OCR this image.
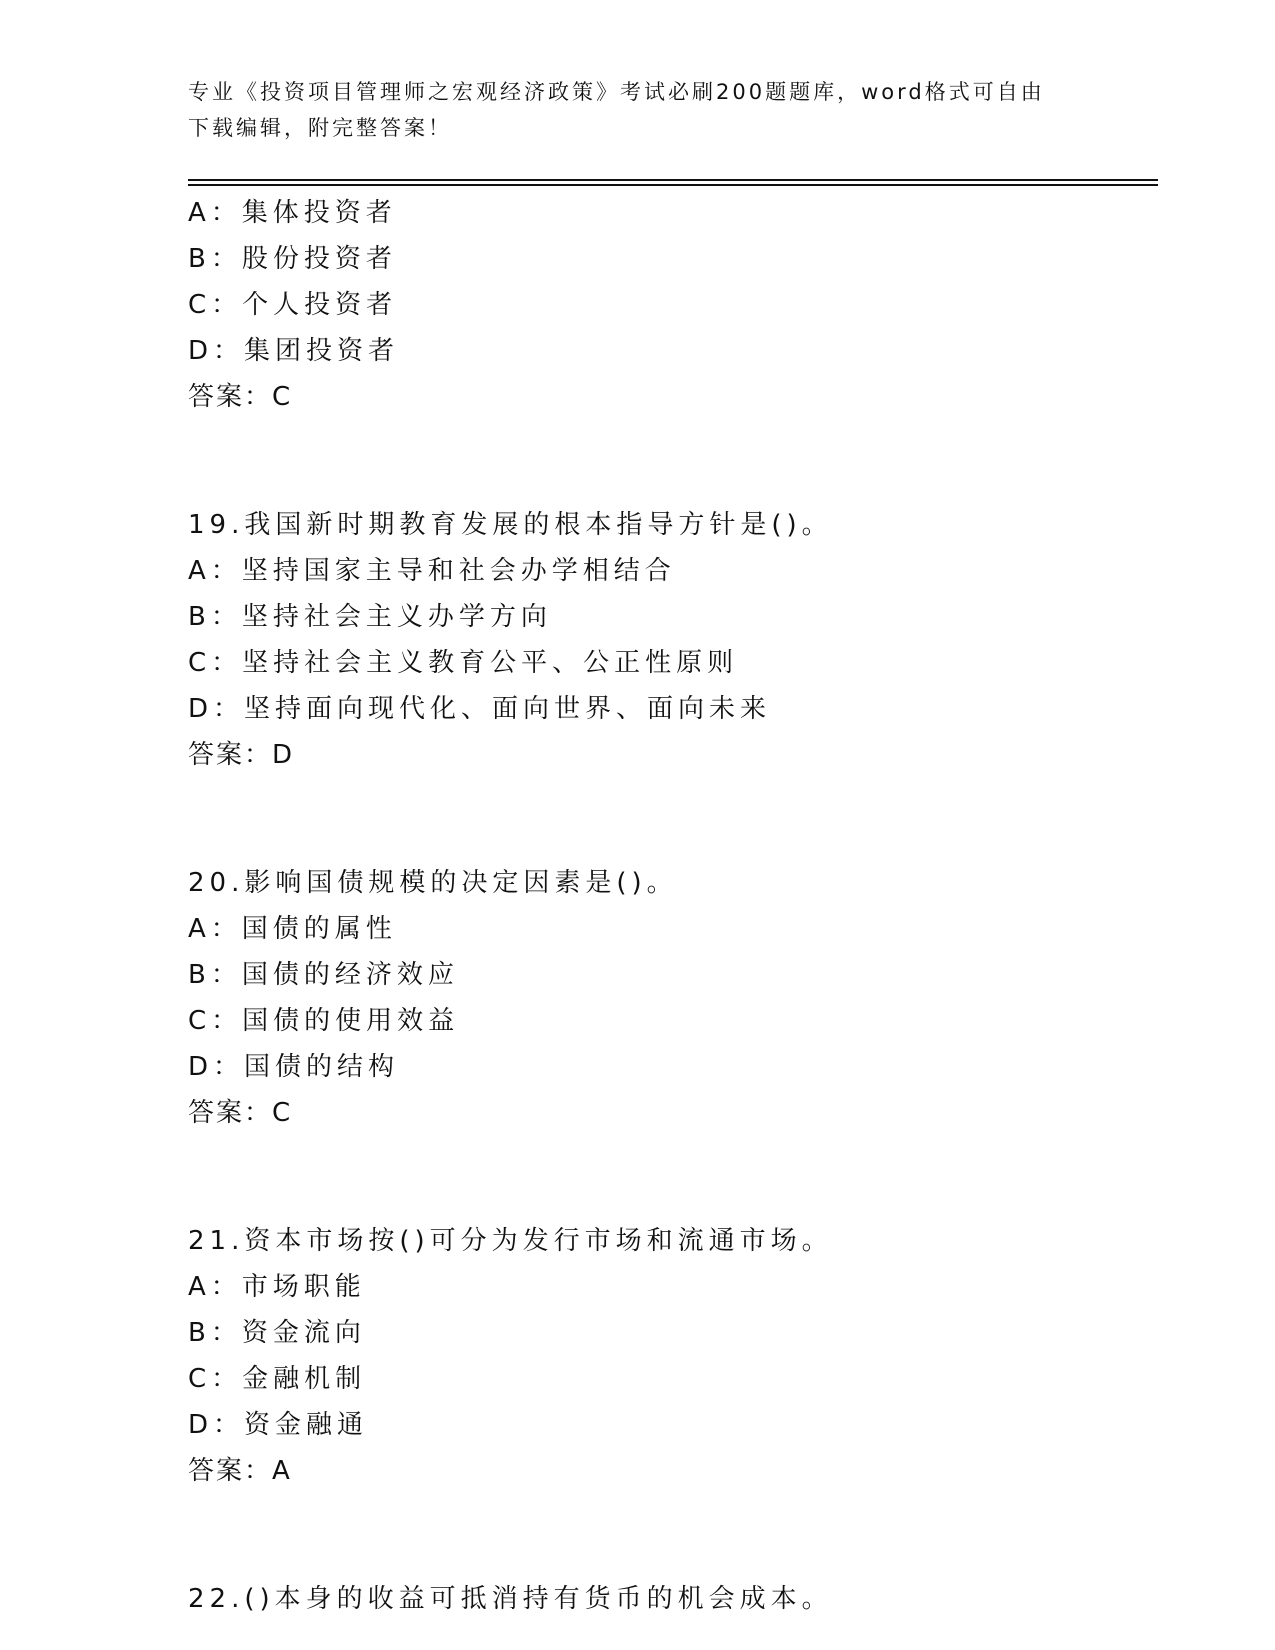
专业《投资项目管理师之宏观经济政策》考试必刷200题题库，word格式可自由
下载编辑，附完整答案！
A：集体投资者
B：股份投资者
C：个人投资者
D：集团投资者
答案：C
19.我国新时期教育发展的根本指导方针是()。
A：坚持国家主导和社会办学相结合
B：坚持社会主义办学方向
C：坚持社会主义教育公平、公正性原则
D：坚持面向现代化、面向世界、面向未来
答案：D
20.影响国债规模的决定因素是()。
A：国债的属性
B：国债的经济效应
C：国债的使用效益
D：国债的结构
答案：C
21.资本市场按()可分为发行市场和流通市场。
A：市场职能
B：资金流向
C：金融机制
D：资金融通
答案：A
22.()本身的收益可抵消持有货币的机会成本。
